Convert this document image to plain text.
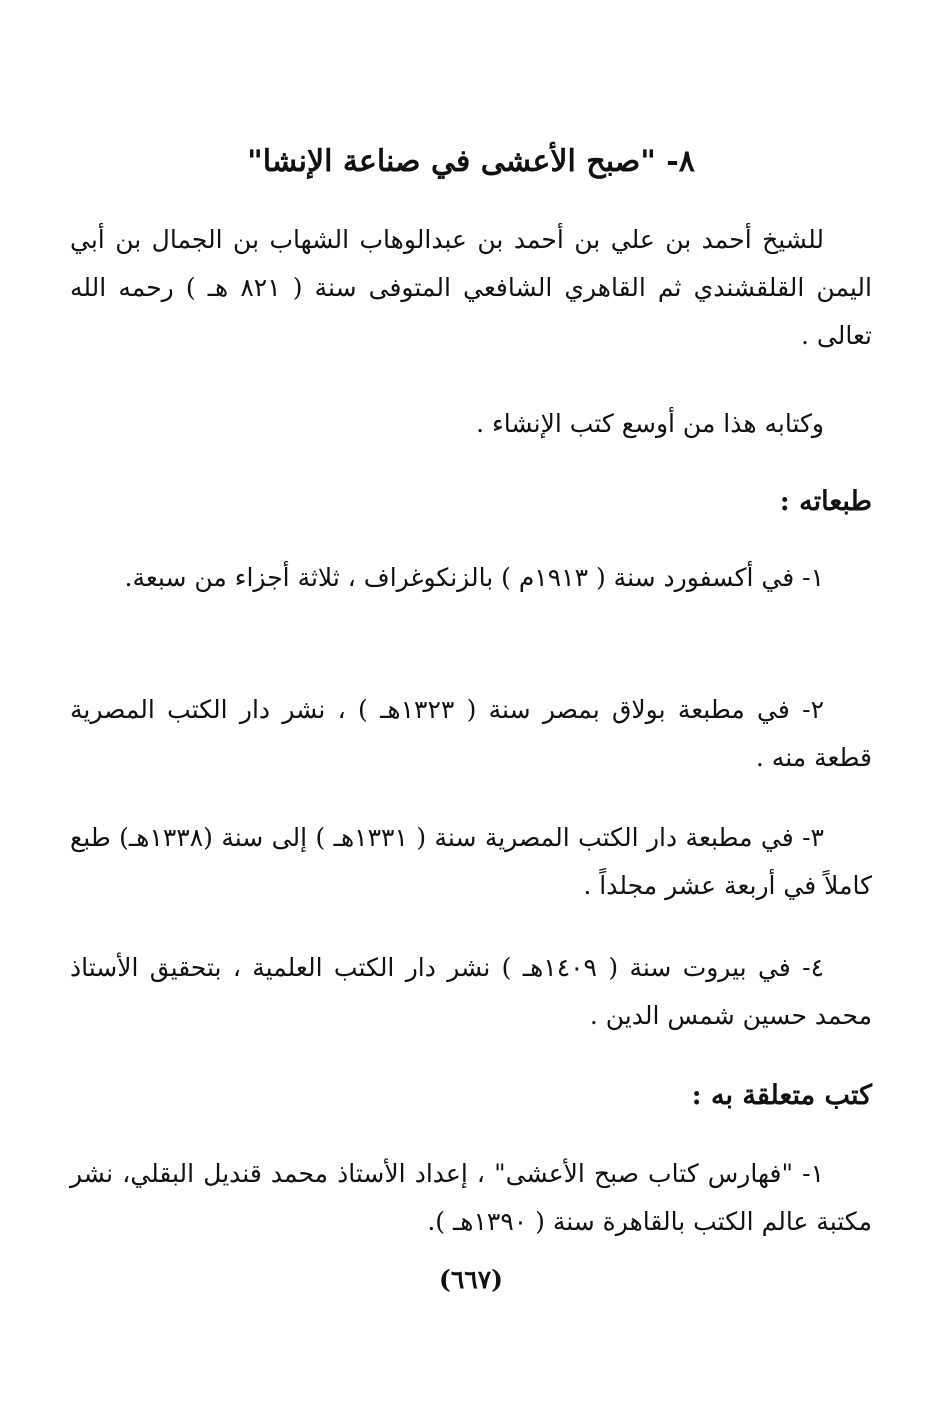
٨- "صبح الأعشى في صناعة الإنشا"

للشيخ أحمد بن علي بن أحمد بن عبدالوهاب الشهاب بن الجمال بن أبي اليمن القلقشندي ثم القاهري الشافعي المتوفى سنة ( ٨٢١ هـ ) رحمه الله تعالى .

وكتابه هذا من أوسع كتب الإنشاء .

طبعاته :

١- في أكسفورد سنة ( ١٩١٣م ) بالزنكوغراف ، ثلاثة أجزاء من سبعة.

٢- في مطبعة بولاق بمصر سنة ( ١٣٢٣هـ ) ، نشر دار الكتب المصرية قطعة منه .

٣- في مطبعة دار الكتب المصرية سنة ( ١٣٣١هـ ) إلى سنة (١٣٣٨هـ) طبع كاملاً في أربعة عشر مجلداً .

٤- في بيروت سنة ( ١٤٠٩هـ ) نشر دار الكتب العلمية ، بتحقيق الأستاذ محمد حسين شمس الدين .

كتب متعلقة به :

١- "فهارس كتاب صبح الأعشى" ، إعداد الأستاذ محمد قنديل البقلي، نشر مكتبة عالم الكتب بالقاهرة سنة ( ١٣٩٠هـ ).

(٦٦٧)
